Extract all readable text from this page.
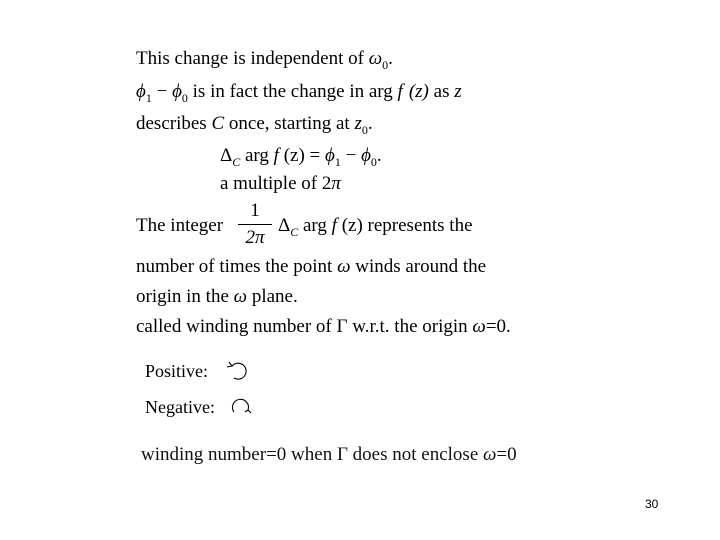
This change is independent of $\omega_0$.
$\phi_1 - \phi_0$ is in fact the change in arg f (z) as z
describes C once, starting at $z_0$.
$\Delta_C$ arg f $(z) = \phi_1 - \phi_0$.
a multiple of 2π
The integer
1
2π
$\Delta_C$ arg f (z) represents the
number of times the point ω winds around the
origin in the ω plane.
called winding number of Γ w.r.t. the origin ω=0.
Positive:
Negative:
winding number=0 when Γ does not enclose ω=0
30
